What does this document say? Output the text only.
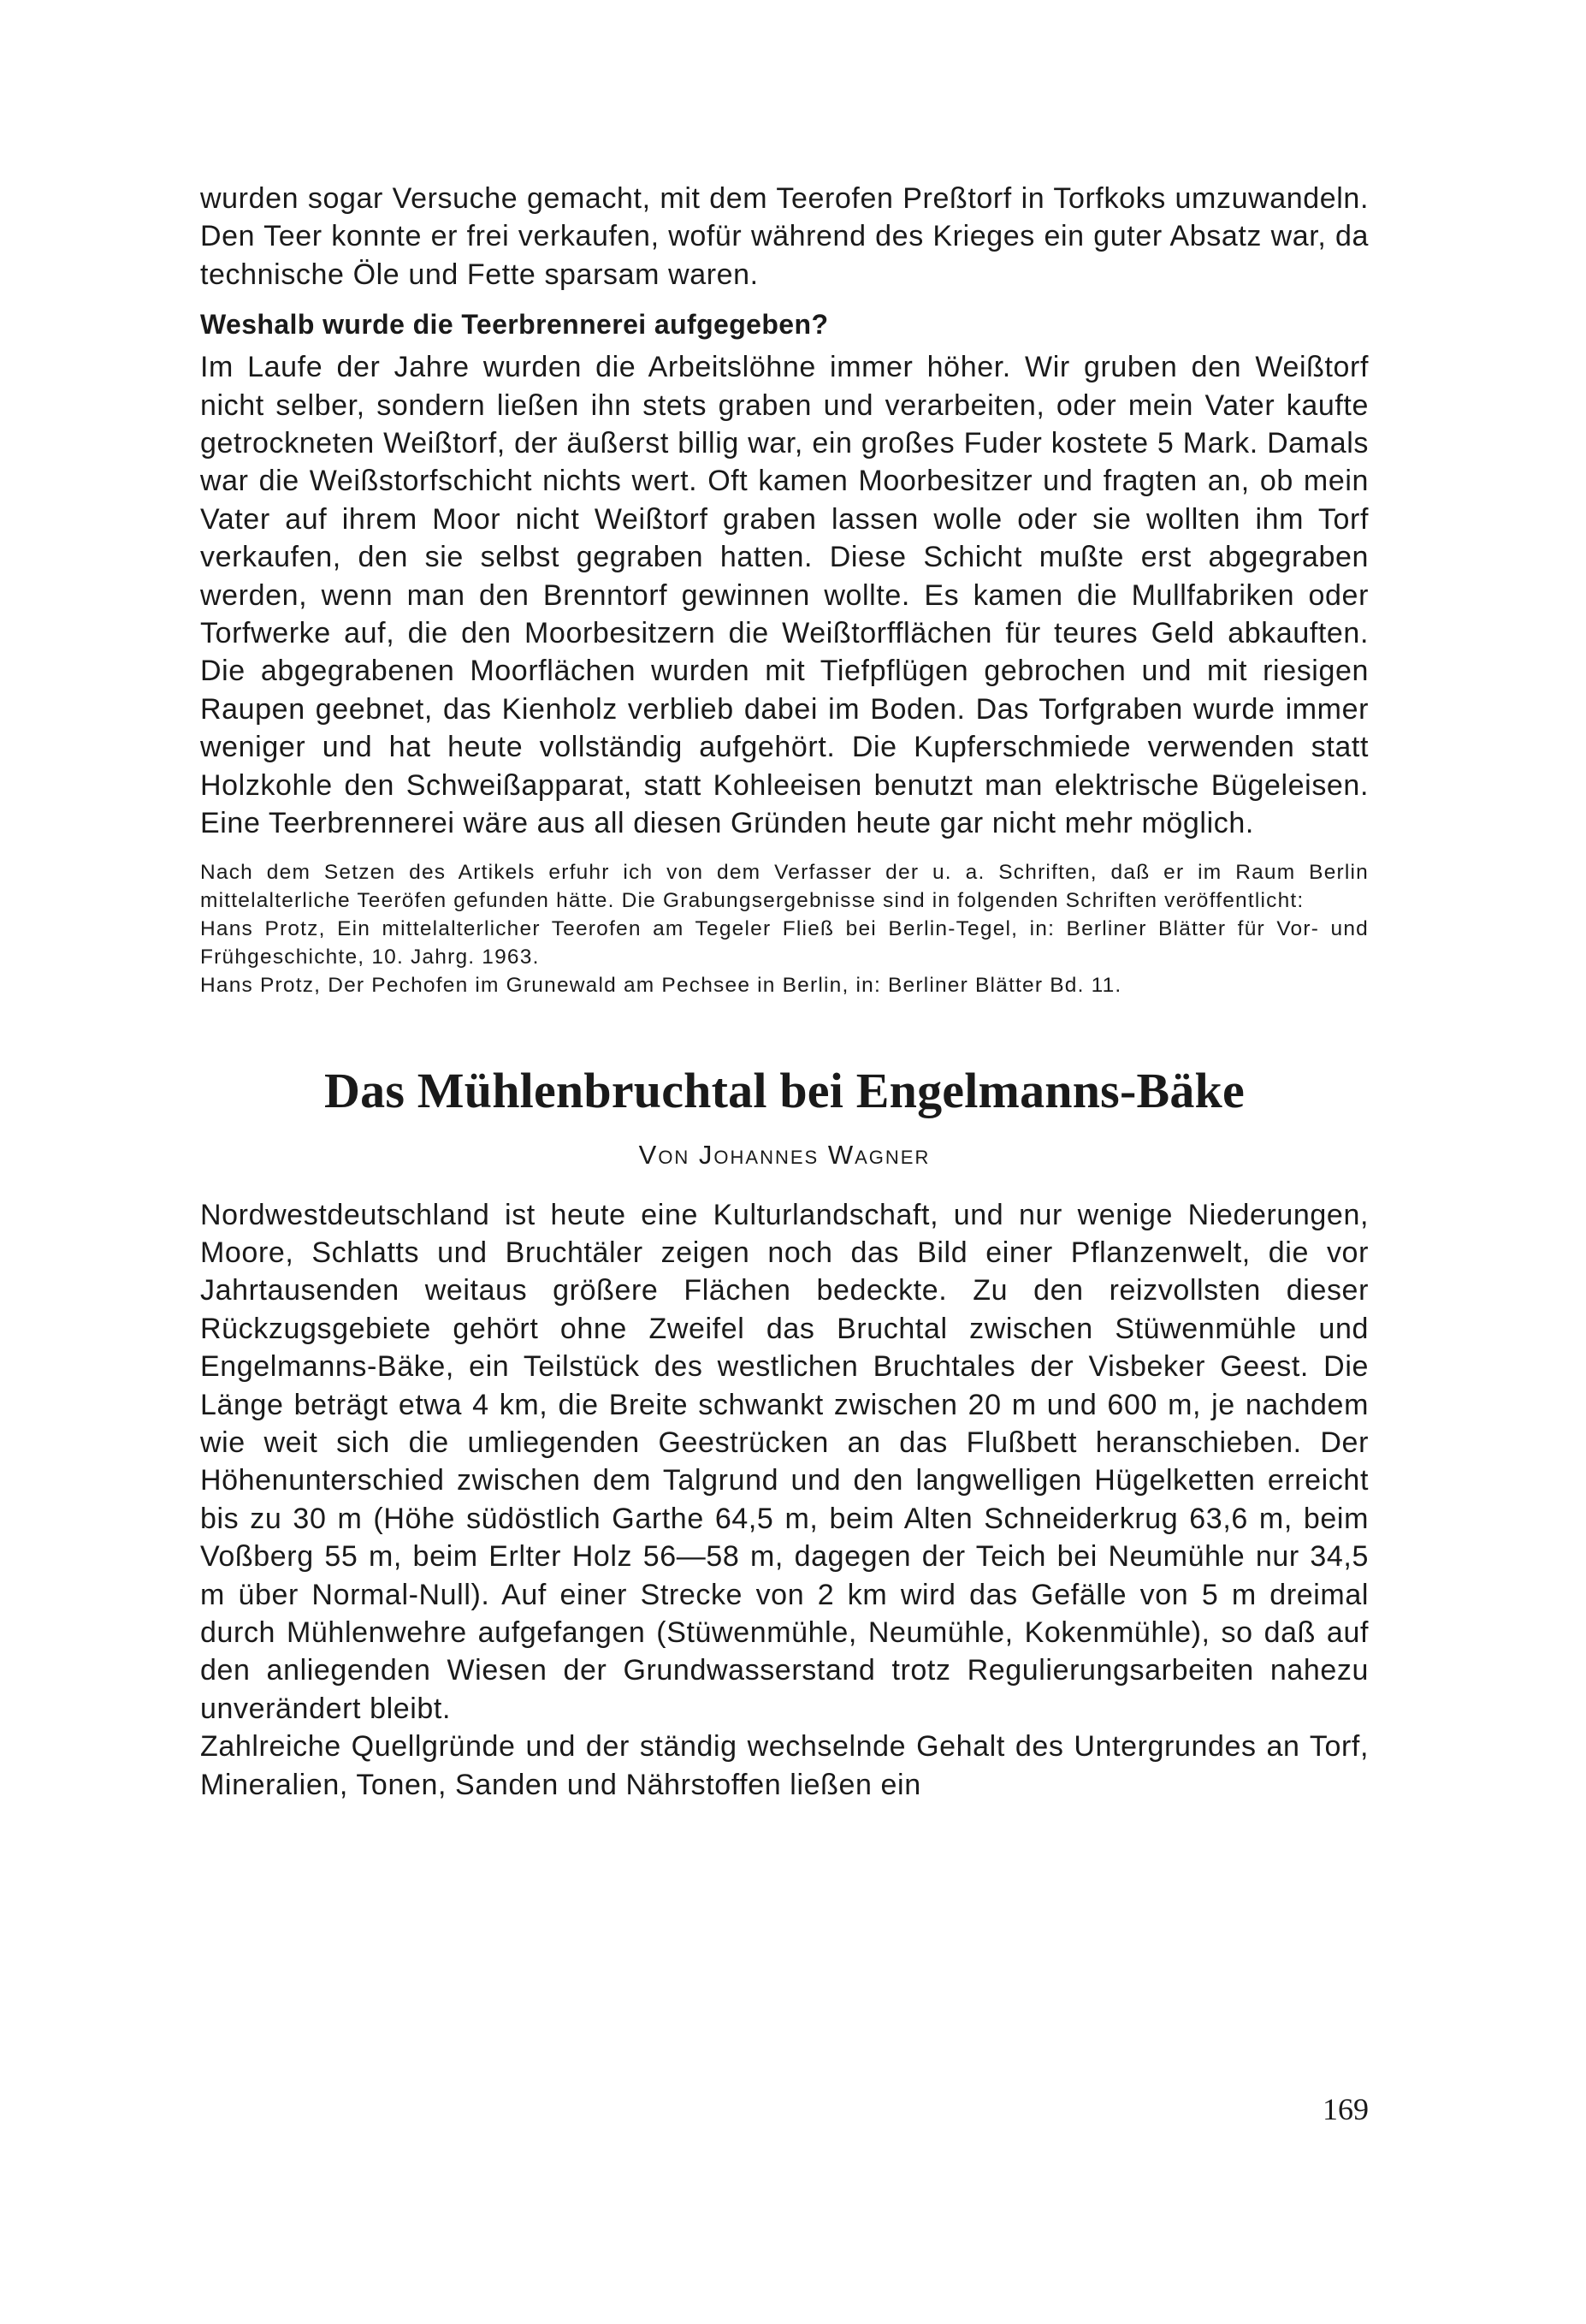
wurden sogar Versuche gemacht, mit dem Teerofen Preßtorf in Torfkoks umzuwandeln. Den Teer konnte er frei verkaufen, wofür während des Krieges ein guter Absatz war, da technische Öle und Fette sparsam waren.

Weshalb wurde die Teerbrennerei aufgegeben?

Im Laufe der Jahre wurden die Arbeitslöhne immer höher. Wir gruben den Weißtorf nicht selber, sondern ließen ihn stets graben und verarbeiten, oder mein Vater kaufte getrockneten Weißtorf, der äußerst billig war, ein großes Fuder kostete 5 Mark. Damals war die Weißstorfschicht nichts wert. Oft kamen Moorbesitzer und fragten an, ob mein Vater auf ihrem Moor nicht Weißtorf graben lassen wolle oder sie wollten ihm Torf verkaufen, den sie selbst gegraben hatten. Diese Schicht mußte erst abgegraben werden, wenn man den Brenntorf gewinnen wollte. Es kamen die Mullfabriken oder Torfwerke auf, die den Moorbesitzern die Weißtorfflächen für teures Geld abkauften. Die abgegrabenen Moorflächen wurden mit Tiefpflügen gebrochen und mit riesigen Raupen geebnet, das Kienholz verblieb dabei im Boden. Das Torfgraben wurde immer weniger und hat heute vollständig aufgehört. Die Kupferschmiede verwenden statt Holzkohle den Schweißapparat, statt Kohleeisen benutzt man elektrische Bügeleisen. Eine Teerbrennerei wäre aus all diesen Gründen heute gar nicht mehr möglich.

Nach dem Setzen des Artikels erfuhr ich von dem Verfasser der u. a. Schriften, daß er im Raum Berlin mittelalterliche Teeröfen gefunden hätte. Die Grabungsergebnisse sind in folgenden Schriften veröffentlicht:

Hans Protz, Ein mittelalterlicher Teerofen am Tegeler Fließ bei Berlin-Tegel, in: Berliner Blätter für Vor- und Frühgeschichte, 10. Jahrg. 1963.

Hans Protz, Der Pechofen im Grunewald am Pechsee in Berlin, in: Berliner Blätter Bd. 11.

Das Mühlenbruchtal bei Engelmanns-Bäke
Von Johannes Wagner

Nordwestdeutschland ist heute eine Kulturlandschaft, und nur wenige Niederungen, Moore, Schlatts und Bruchtäler zeigen noch das Bild einer Pflanzenwelt, die vor Jahrtausenden weitaus größere Flächen bedeckte. Zu den reizvollsten dieser Rückzugsgebiete gehört ohne Zweifel das Bruchtal zwischen Stüwenmühle und Engelmanns-Bäke, ein Teilstück des westlichen Bruchtales der Visbeker Geest. Die Länge beträgt etwa 4 km, die Breite schwankt zwischen 20 m und 600 m, je nachdem wie weit sich die umliegenden Geestrücken an das Flußbett heranschieben. Der Höhenunterschied zwischen dem Talgrund und den langwelligen Hügelketten erreicht bis zu 30 m (Höhe südöstlich Garthe 64,5 m, beim Alten Schneiderkrug 63,6 m, beim Voßberg 55 m, beim Erlter Holz 56—58 m, dagegen der Teich bei Neumühle nur 34,5 m über Normal-Null). Auf einer Strecke von 2 km wird das Gefälle von 5 m dreimal durch Mühlenwehre aufgefangen (Stüwenmühle, Neumühle, Kokenmühle), so daß auf den anliegenden Wiesen der Grundwasserstand trotz Regulierungsarbeiten nahezu unverändert bleibt.

Zahlreiche Quellgründe und der ständig wechselnde Gehalt des Untergrundes an Torf, Mineralien, Tonen, Sanden und Nährstoffen ließen ein

169
